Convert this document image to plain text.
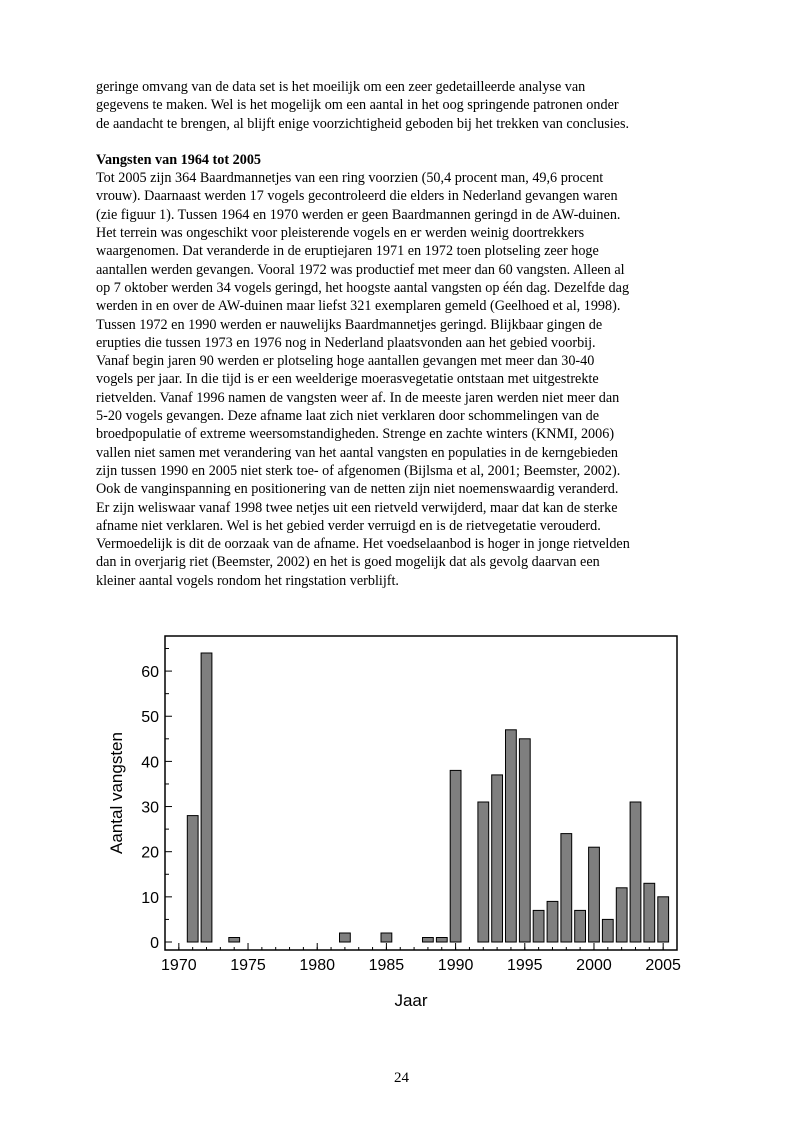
geringe omvang van de data set is het moeilijk om een zeer gedetailleerde analyse van

gegevens te maken. Wel is het mogelijk om een aantal in het oog springende patronen onder

de aandacht te brengen, al blijft enige voorzichtigheid geboden bij het trekken van conclusies.

Vangsten van 1964 tot 2005

Tot 2005 zijn 364 Baardmannetjes van een ring voorzien (50,4 procent man, 49,6 procent

vrouw). Daarnaast werden 17 vogels gecontroleerd die elders in Nederland gevangen waren

(zie figuur 1). Tussen 1964 en 1970 werden er geen Baardmannen geringd in de AW-duinen.

Het terrein was ongeschikt voor pleisterende vogels en er werden weinig doortrekkers

waargenomen. Dat veranderde in de eruptiejaren 1971 en 1972 toen plotseling zeer hoge

aantallen werden gevangen. Vooral 1972 was productief met meer dan 60 vangsten. Alleen al

op 7 oktober werden 34 vogels geringd, het hoogste aantal vangsten op één dag. Dezelfde dag

werden in en over de AW-duinen maar liefst 321 exemplaren gemeld (Geelhoed et al, 1998).

Tussen 1972 en 1990 werden er nauwelijks Baardmannetjes geringd. Blijkbaar gingen de

erupties die tussen 1973 en 1976 nog in Nederland plaatsvonden aan het gebied voorbij.

Vanaf begin jaren 90 werden er plotseling hoge aantallen gevangen met meer dan 30-40

vogels per jaar. In die tijd is er een weelderige moerasvegetatie ontstaan met uitgestrekte

rietvelden. Vanaf 1996 namen de vangsten weer af. In de meeste jaren werden niet meer dan

5-20 vogels gevangen. Deze afname laat zich niet verklaren door schommelingen van de

broedpopulatie of extreme weersomstandigheden. Strenge en zachte winters (KNMI, 2006)

vallen niet samen met verandering van het aantal vangsten en populaties in de kerngebieden

zijn tussen 1990 en 2005 niet sterk toe- of afgenomen (Bijlsma et al, 2001; Beemster, 2002).

Ook de vanginspanning en positionering van de netten zijn niet noemenswaardig veranderd.

Er zijn weliswaar vanaf 1998 twee netjes uit een rietveld verwijderd, maar dat kan de sterke

afname niet verklaren. Wel is het gebied verder verruigd en is de rietvegetatie verouderd.

Vermoedelijk is dit de oorzaak van de afname. Het voedselaanbod is hoger in jonge rietvelden

dan in overjarig riet (Beemster, 2002) en het is goed mogelijk dat als gevolg daarvan een

kleiner aantal vogels rondom het ringstation verblijft.

1970 1975 1980 1985 1990 1995 2000 2005
0
10
20
30
40
50
60
Jaar
Aantal vangsten
24
